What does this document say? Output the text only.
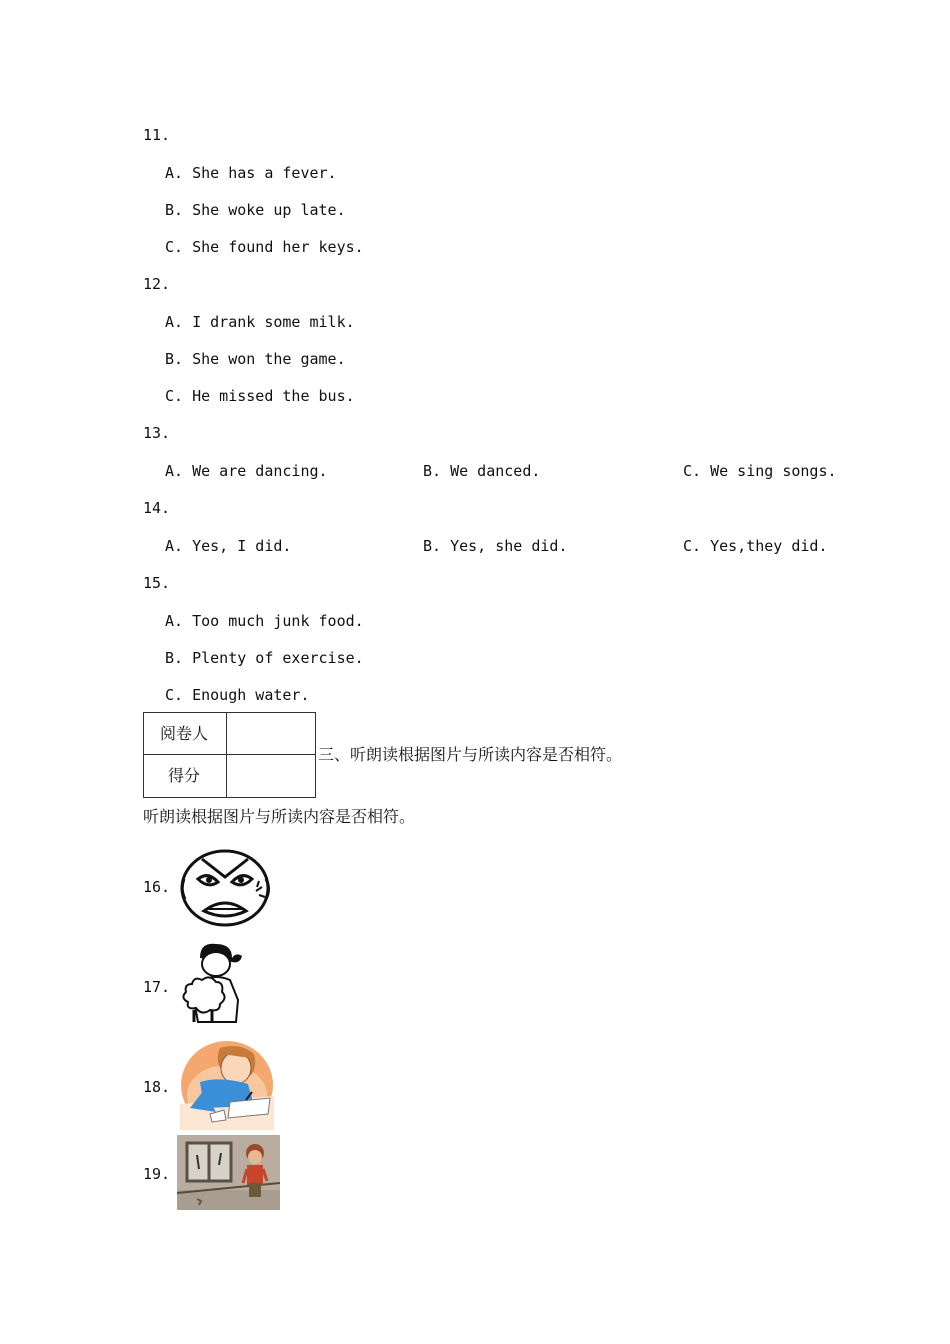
11.
A. She has a fever.
B. She woke up late.
C. She found her keys.
12.
A. I drank some milk.
B. She won the game.
C. He missed the bus.
13.
A. We are dancing.	B. We danced.	C. We sing songs.
14.
A. Yes, I did.	B. Yes, she did.	C. Yes,they did.
15.
A. Too much junk food.
B. Plenty of exercise.
C. Enough water.
阅卷人
得分
三、听朗读根据图片与所读内容是否相符。
听朗读根据图片与所读内容是否相符。
16.
17.
18.
19.
